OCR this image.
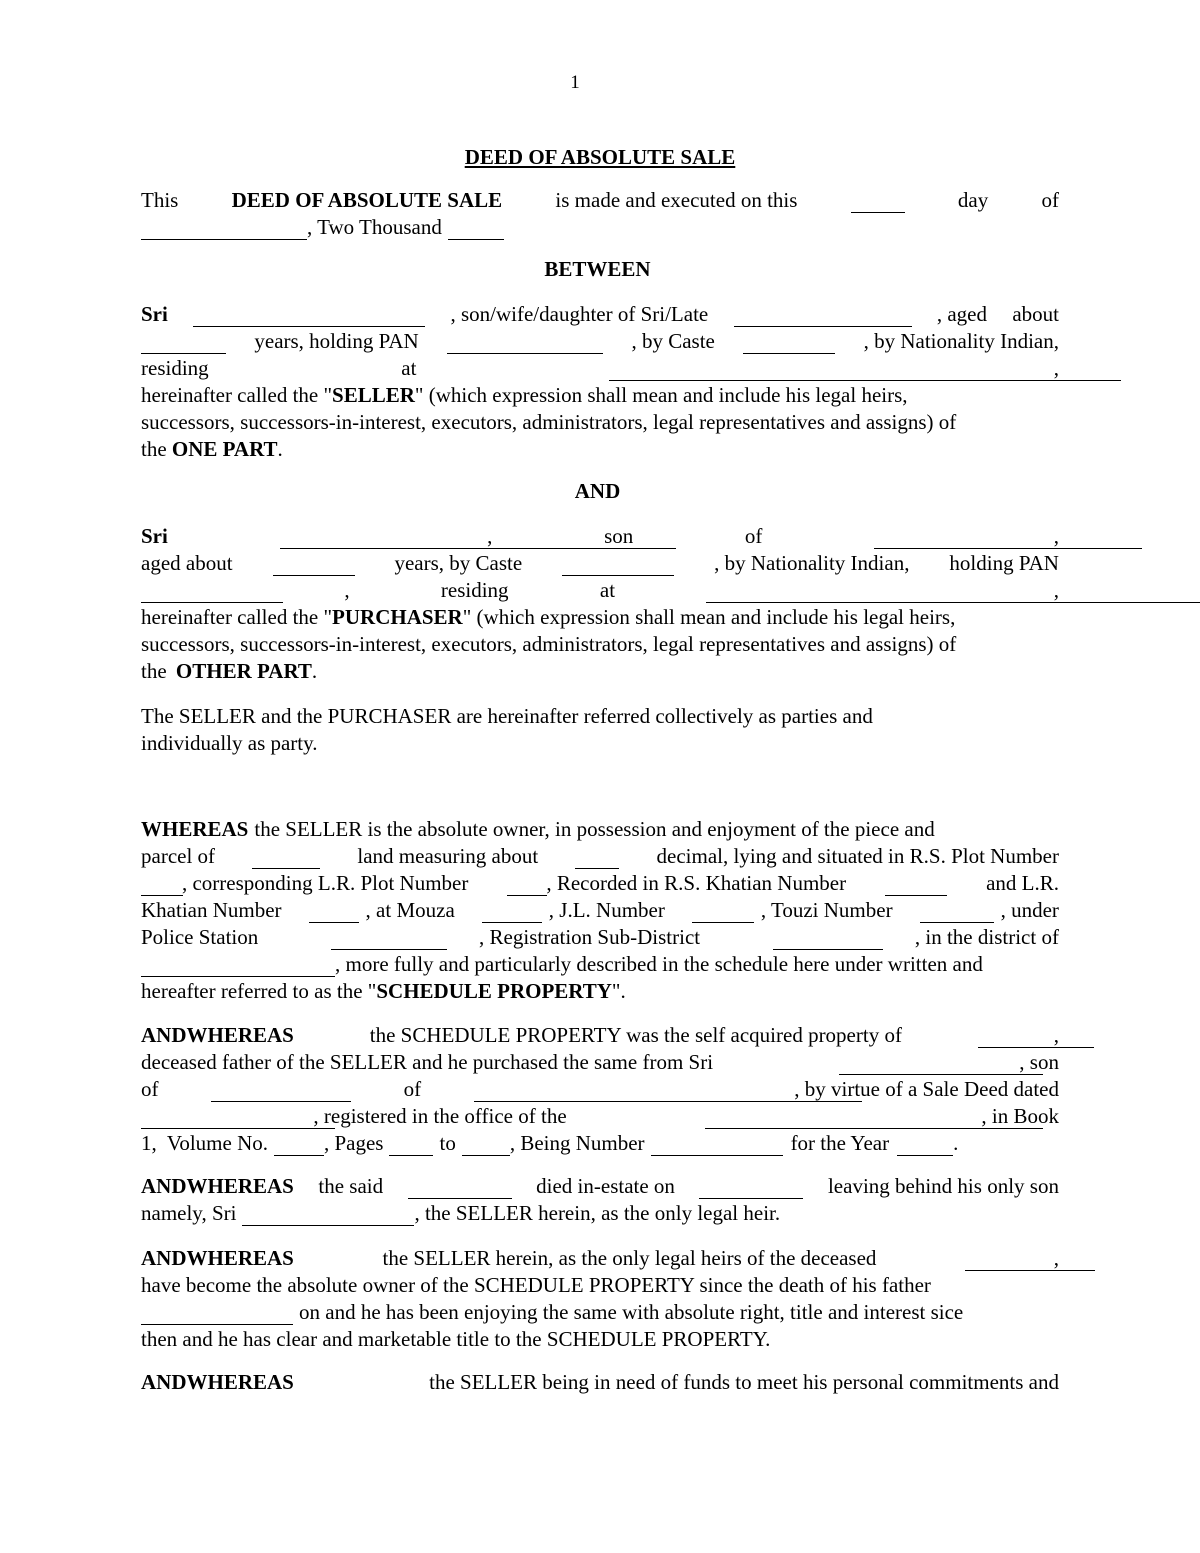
1
DEED OF ABSOLUTE SALE
This	DEED OF ABSOLUTE SALE	is made and executed on this	day	of
, Two Thousand
BETWEEN
Sri	, son/wife/daughter of Sri/Late	, aged about
years, holding PAN	, by Caste	, by Nationality Indian,
residing	at	,
hereinafter called the " SELLER " (which expression shall mean and include his legal heirs,
successors, successors-in-interest, executors, administrators, legal representatives and assigns) of
the ONE PART .
AND
Sri	,	son	of	,
aged about	years, by Caste	, by Nationality Indian, holding PAN
,	residing	at	,
hereinafter called the " PURCHASER " (which expression shall mean and include his legal heirs,
successors, successors-in-interest, executors, administrators, legal representatives and assigns) of
the OTHER PART .
The SELLER and the PURCHASER are hereinafter referred collectively as parties and
individually as party.
WHEREAS the SELLER is the absolute owner, in possession and enjoyment of the piece and
parcel of	land measuring about	decimal, lying and situated in R.S. Plot Number
, corresponding L.R. Plot Number	, Recorded in R.S. Khatian Number	and L.R.
Khatian Number	, at Mouza	, J.L. Number	, Touzi Number	, under
Police Station	, Registration Sub-District	, in the district of
, more fully and particularly described in the schedule here under written and
hereafter referred to as the " SCHEDULE PROPERTY ".
ANDWHEREAS	the SCHEDULE PROPERTY was the self acquired property of	,
deceased father of the SELLER and he purchased the same from Sri	, son
of	of	, by virtue of a Sale Deed dated
, registered in the office of the	, in Book
1,  Volume No.	, Pages	to	, Being Number	for the Year	.
ANDWHEREAS the said	died in-estate on	leaving behind his only son
namely, Sri	, the SELLER herein, as the only legal heir.
ANDWHEREAS	the SELLER herein, as the only legal heirs of the deceased	,
have become the absolute owner of the SCHEDULE PROPERTY since the death of his father
on and he has been enjoying the same with absolute right, title and interest sice
then and he has clear and marketable title to the SCHEDULE PROPERTY.
ANDWHEREAS	the SELLER being in need of funds to meet his personal commitments and
